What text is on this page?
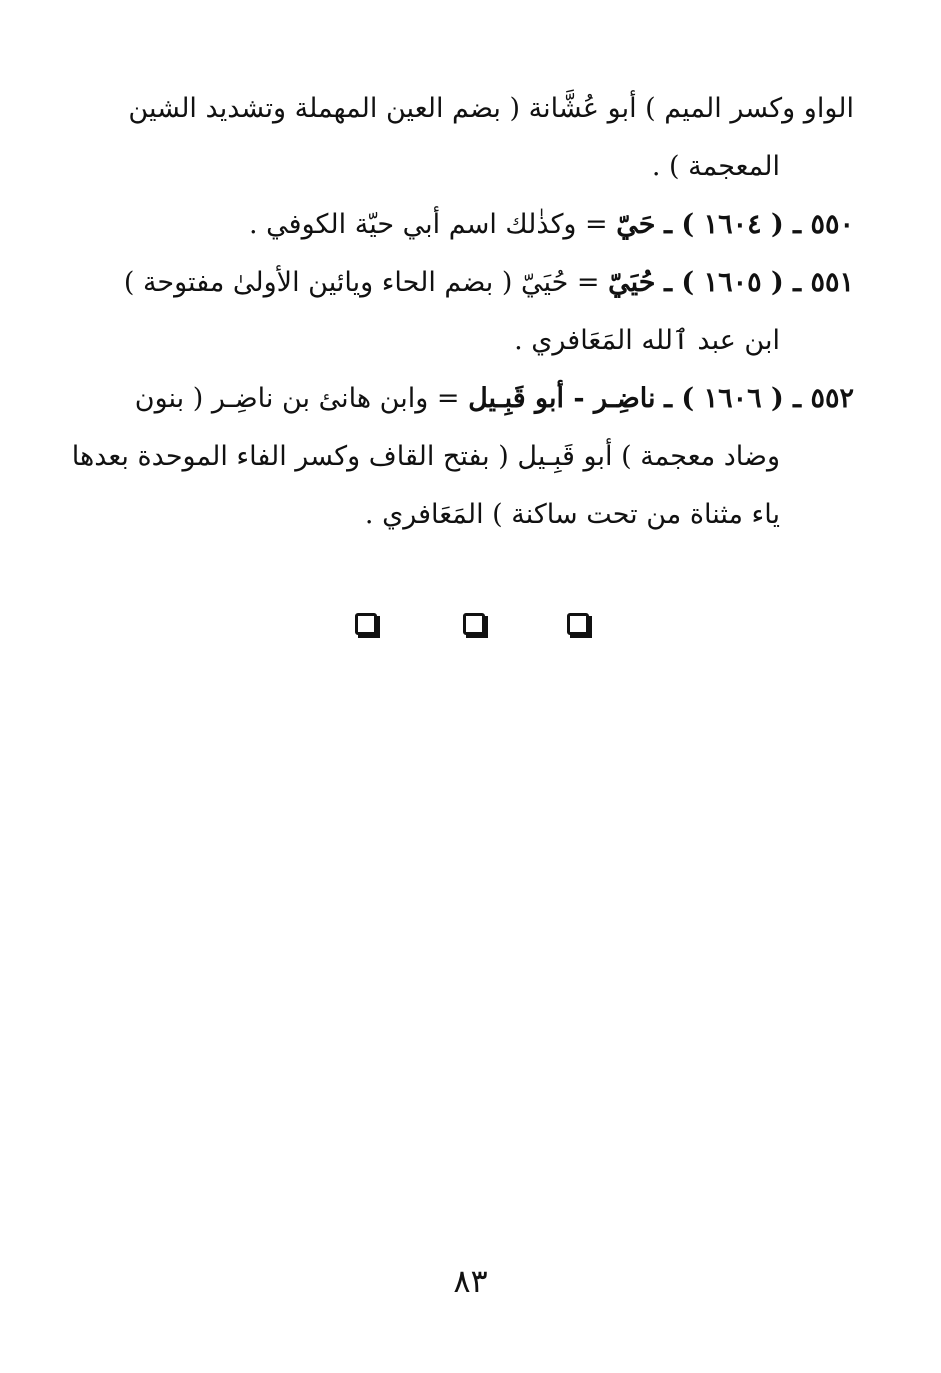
الواو وكسر الميم ) أبو عُشَّانة ( بضم العين المهملة وتشديد الشين
المعجمة ) .
٥٥٠ ـ ( ١٦٠٤ ) ـ حَيّ = وكذٰلك اسم أبي حيّة الكوفي .
٥٥١ ـ ( ١٦٠٥ ) ـ حُيَيّ = حُيَيّ ( بضم الحاء ويائين الأولىٰ مفتوحة )
ابن عبد ٱلله المَعَافري .
٥٥٢ ـ ( ١٦٠٦ ) ـ ناضِـر - أبو قَبِـيل = وابن هانئ بن ناضِـر ( بنون
وضاد معجمة ) أبو قَبِـيل ( بفتح القاف وكسر الفاء الموحدة بعدها
ياء مثناة من تحت ساكنة ) المَعَافري .
٨٣
